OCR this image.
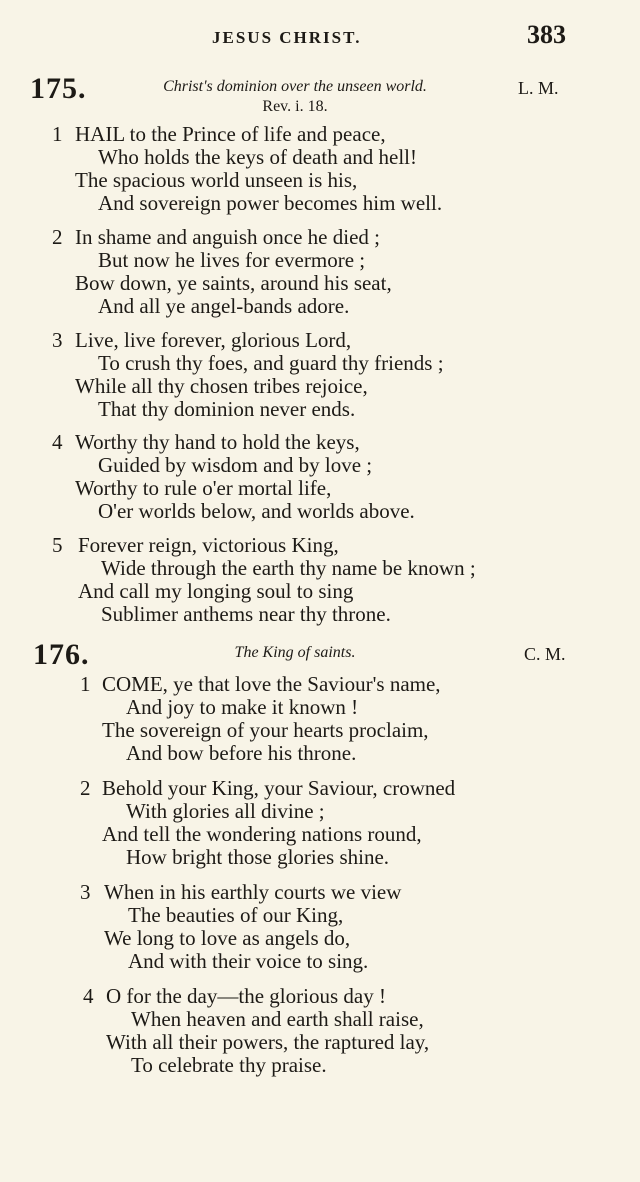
JESUS CHRIST.	383
175.	Christ's dominion over the unseen world.
Rev. i. 18.
L. M.
1 HAIL to the Prince of life and peace,
Who holds the keys of death and hell!
The spacious world unseen is his,
And sovereign power becomes him well.
2 In shame and anguish once he died ;
But now he lives for evermore ;
Bow down, ye saints, around his seat,
And all ye angel-bands adore.
3 Live, live forever, glorious Lord,
To crush thy foes, and guard thy friends ;
While all thy chosen tribes rejoice,
That thy dominion never ends.
4 Worthy thy hand to hold the keys,
Guided by wisdom and by love ;
Worthy to rule o'er mortal life,
O'er worlds below, and worlds above.
5 Forever reign, victorious King,
Wide through the earth thy name be known ;
And call my longing soul to sing
Sublimer anthems near thy throne.
176.	The King of saints.	C. M.
1 COME, ye that love the Saviour's name,
And joy to make it known !
The sovereign of your hearts proclaim,
And bow before his throne.
2 Behold your King, your Saviour, crowned
With glories all divine ;
And tell the wondering nations round,
How bright those glories shine.
3 When in his earthly courts we view
The beauties of our King,
We long to love as angels do,
And with their voice to sing.
4 O for the day—the glorious day !
When heaven and earth shall raise,
With all their powers, the raptured lay,
To celebrate thy praise.
